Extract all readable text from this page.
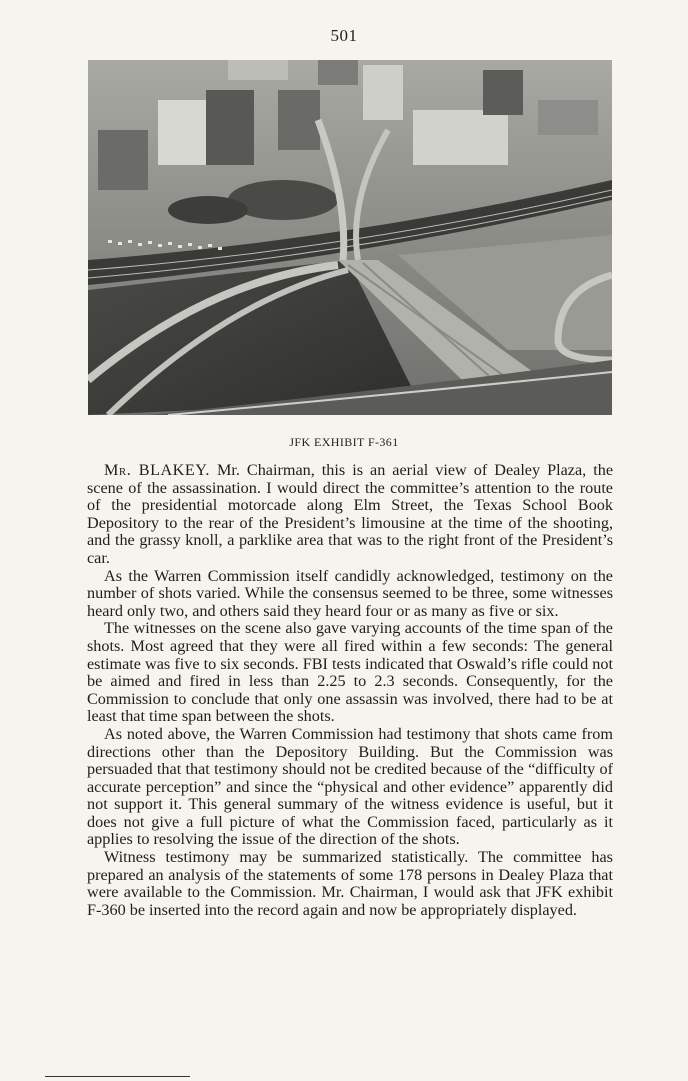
501
JFK EXHIBIT F-361

Mr. BLAKEY. Mr. Chairman, this is an aerial view of Dealey Plaza, the scene of the assassination. I would direct the committee’s attention to the route of the presidential motorcade along Elm Street, the Texas School Book Depository to the rear of the President’s limousine at the time of the shooting, and the grassy knoll, a parklike area that was to the right front of the President’s car.

As the Warren Commission itself candidly acknowledged, testimony on the number of shots varied. While the consensus seemed to be three, some witnesses heard only two, and others said they heard four or as many as five or six.

The witnesses on the scene also gave varying accounts of the time span of the shots. Most agreed that they were all fired within a few seconds: The general estimate was five to six seconds. FBI tests indicated that Oswald’s rifle could not be aimed and fired in less than 2.25 to 2.3 seconds. Consequently, for the Commission to conclude that only one assassin was involved, there had to be at least that time span between the shots.

As noted above, the Warren Commission had testimony that shots came from directions other than the Depository Building. But the Commission was persuaded that that testimony should not be credited because of the “difficulty of accurate perception” and since the “physical and other evidence” apparently did not support it. This general summary of the witness evidence is useful, but it does not give a full picture of what the Commission faced, particularly as it applies to resolving the issue of the direction of the shots.

Witness testimony may be summarized statistically. The committee has prepared an analysis of the statements of some 178 persons in Dealey Plaza that were available to the Commission. Mr. Chairman, I would ask that JFK exhibit F-360 be inserted into the record again and now be appropriately displayed.
